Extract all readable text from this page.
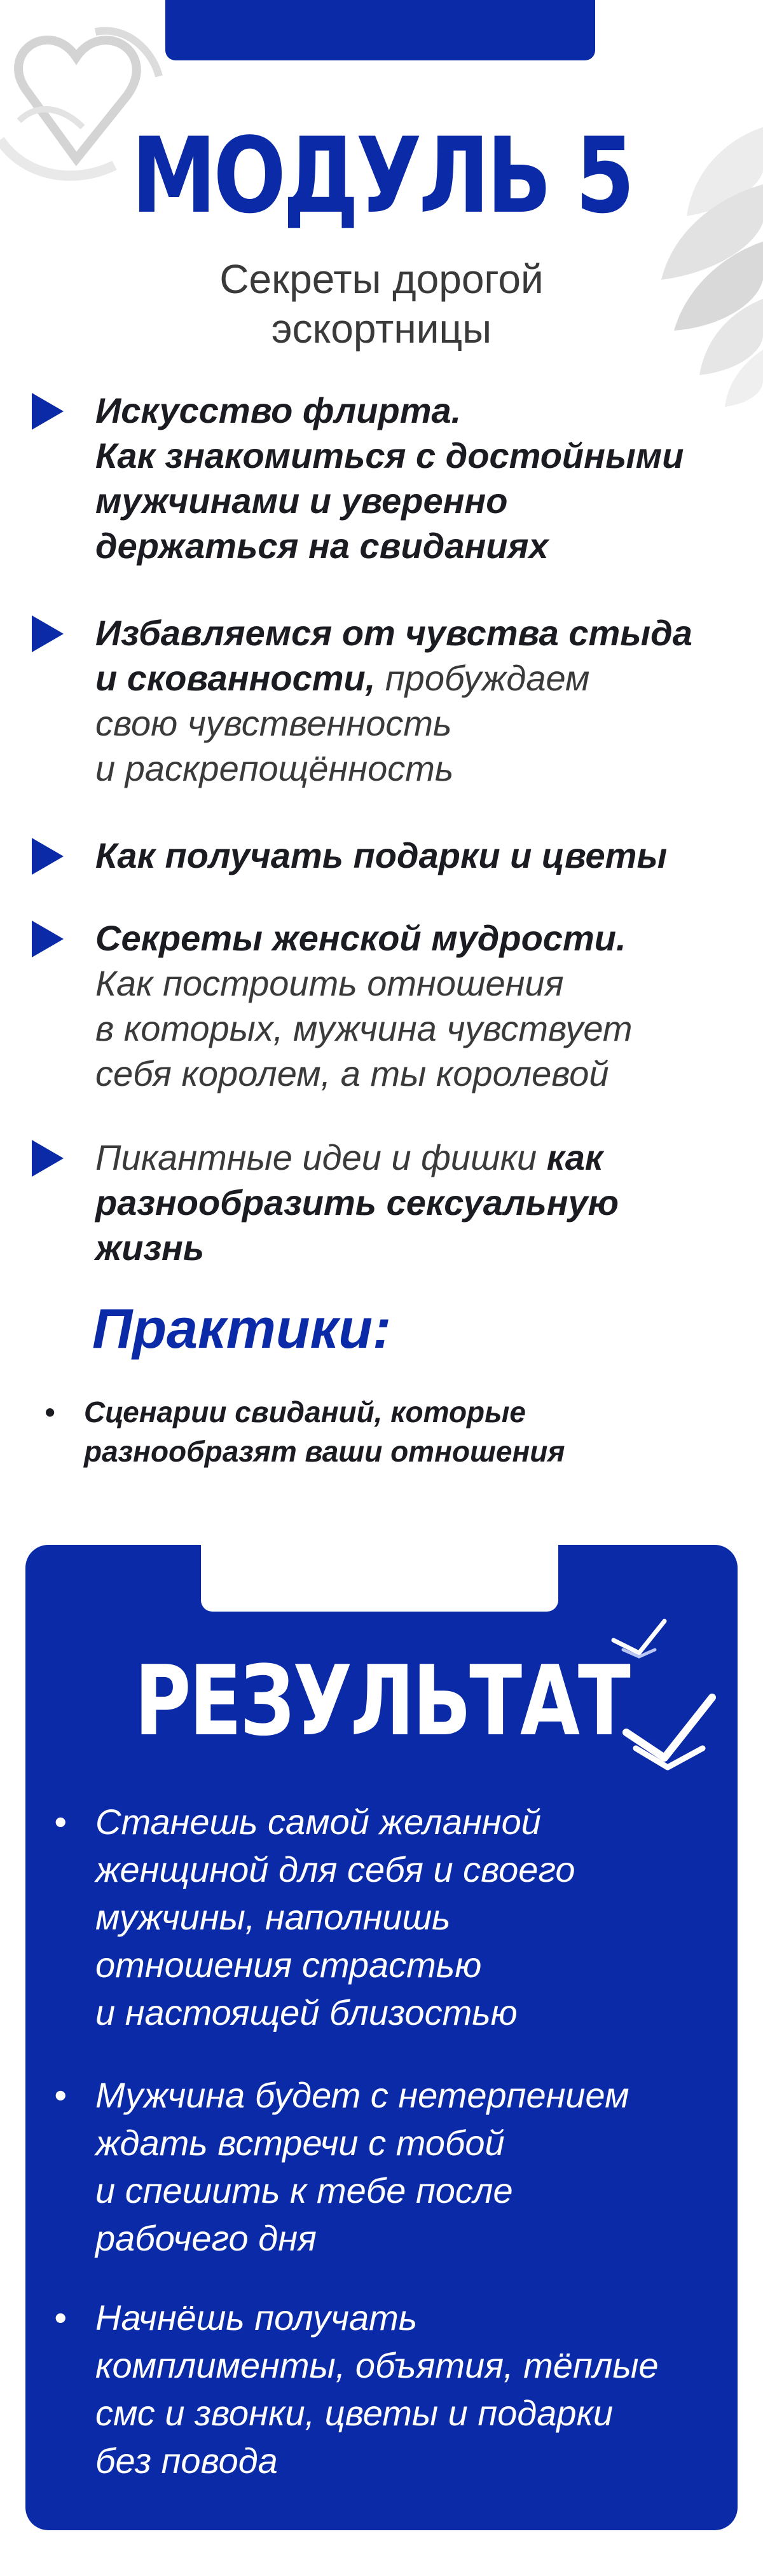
МОДУЛЬ 5
Секреты дорогой
эскортницы
Искусство флирта.
Как знакомиться с достойными
мужчинами и уверенно
держаться на свиданиях
Избавляемся от чувства стыда
и скованности, пробуждаем
свою чувственность
и раскрепощённость
Как получать подарки и цветы
Секреты женской мудрости.
Как построить отношения
в которых, мужчина чувствует
себя королем, а ты королевой
Пикантные идеи и фишки как
разнообразить сексуальную
жизнь
Практики:
• Сценарии свиданий, которые
разнообразят ваши отношения
РЕЗУЛЬТАТ
• Станешь самой желанной
женщиной для себя и своего
мужчины, наполнишь
отношения страстью
и настоящей близостью
• Мужчина будет с нетерпением
ждать встречи с тобой
и спешить к тебе после
рабочего дня
• Начнёшь получать
комплименты, объятия, тёплые
смс и звонки, цветы и подарки
без повода
